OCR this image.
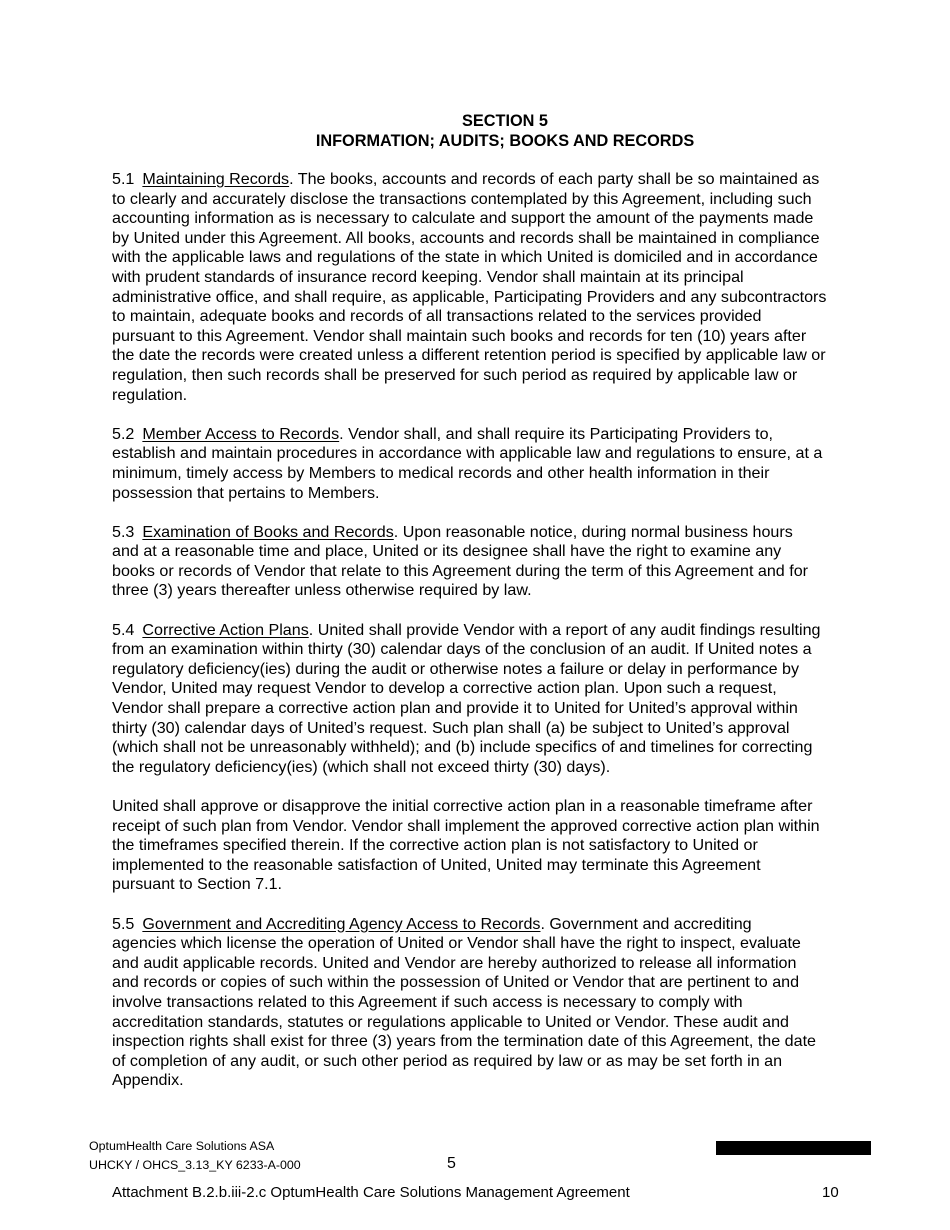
SECTION 5
INFORMATION; AUDITS; BOOKS AND RECORDS
5.1 Maintaining Records. The books, accounts and records of each party shall be so maintained as
to clearly and accurately disclose the transactions contemplated by this Agreement, including such
accounting information as is necessary to calculate and support the amount of the payments made
by United under this Agreement. All books, accounts and records shall be maintained in compliance
with the applicable laws and regulations of the state in which United is domiciled and in accordance
with prudent standards of insurance record keeping. Vendor shall maintain at its principal
administrative office, and shall require, as applicable, Participating Providers and any subcontractors
to maintain, adequate books and records of all transactions related to the services provided
pursuant to this Agreement. Vendor shall maintain such books and records for ten (10) years after
the date the records were created unless a different retention period is specified by applicable law or
regulation, then such records shall be preserved for such period as required by applicable law or
regulation.
5.2 Member Access to Records. Vendor shall, and shall require its Participating Providers to,
establish and maintain procedures in accordance with applicable law and regulations to ensure, at a
minimum, timely access by Members to medical records and other health information in their
possession that pertains to Members.
5.3 Examination of Books and Records. Upon reasonable notice, during normal business hours
and at a reasonable time and place, United or its designee shall have the right to examine any
books or records of Vendor that relate to this Agreement during the term of this Agreement and for
three (3) years thereafter unless otherwise required by law.
5.4 Corrective Action Plans. United shall provide Vendor with a report of any audit findings resulting
from an examination within thirty (30) calendar days of the conclusion of an audit. If United notes a
regulatory deficiency(ies) during the audit or otherwise notes a failure or delay in performance by
Vendor, United may request Vendor to develop a corrective action plan. Upon such a request,
Vendor shall prepare a corrective action plan and provide it to United for United’s approval within
thirty (30) calendar days of United’s request. Such plan shall (a) be subject to United’s approval
(which shall not be unreasonably withheld); and (b) include specifics of and timelines for correcting
the regulatory deficiency(ies) (which shall not exceed thirty (30) days).
United shall approve or disapprove the initial corrective action plan in a reasonable timeframe after
receipt of such plan from Vendor. Vendor shall implement the approved corrective action plan within
the timeframes specified therein. If the corrective action plan is not satisfactory to United or
implemented to the reasonable satisfaction of United, United may terminate this Agreement
pursuant to Section 7.1.
5.5 Government and Accrediting Agency Access to Records. Government and accrediting
agencies which license the operation of United or Vendor shall have the right to inspect, evaluate
and audit applicable records. United and Vendor are hereby authorized to release all information
and records or copies of such within the possession of United or Vendor that are pertinent to and
involve transactions related to this Agreement if such access is necessary to comply with
accreditation standards, statutes or regulations applicable to United or Vendor. These audit and
inspection rights shall exist for three (3) years from the termination date of this Agreement, the date
of completion of any audit, or such other period as required by law or as may be set forth in an
Appendix.
OptumHealth Care Solutions ASA
UHCKY / OHCS_3.13_KY 6233-A-000	5
Attachment B.2.b.iii-2.c OptumHealth Care Solutions Management Agreement	10
